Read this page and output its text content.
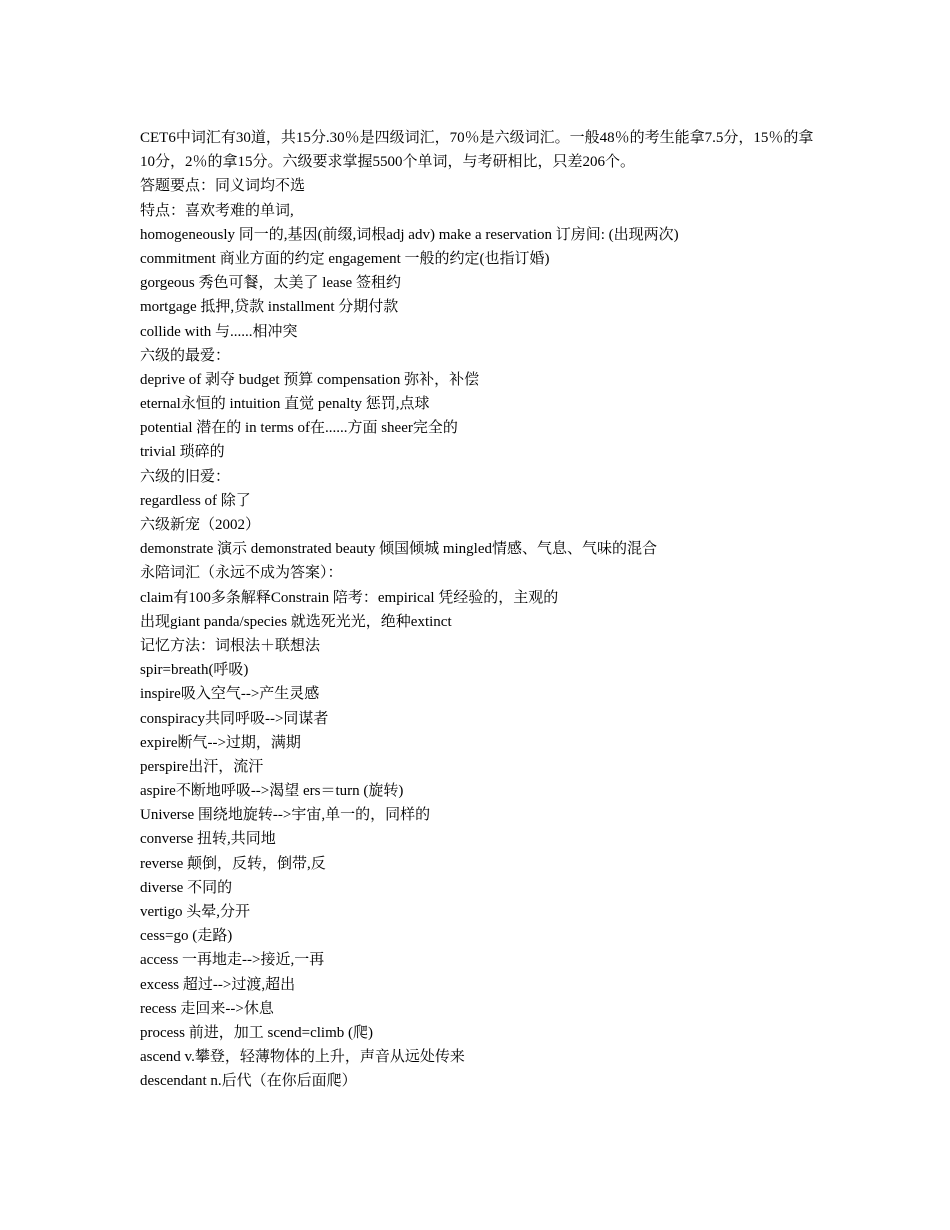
CET6中词汇有30道，共15分.30％是四级词汇，70％是六级词汇。一般48％的考生能拿7.5分，15％的拿10分，2％的拿15分。六级要求掌握5500个单词，与考研相比，只差206个。
答题要点：同义词均不选
特点：喜欢考难的单词,
homogeneously 同一的,基因(前缀,词根adj adv) make a reservation 订房间: (出现两次)
commitment 商业方面的约定 engagement 一般的约定(也指订婚)
gorgeous 秀色可餐，太美了 lease 签租约
mortgage 抵押,贷款 installment 分期付款
collide with 与......相冲突
六级的最爱：
deprive of 剥夺 budget 预算 compensation 弥补，补偿
eternal永恒的 intuition 直觉 penalty 惩罚,点球
potential 潜在的 in terms of在......方面 sheer完全的
trivial 琐碎的
六级的旧爱：
regardless of 除了
六级新宠（2002）
demonstrate 演示 demonstrated beauty 倾国倾城 mingled情感、气息、气味的混合
永陪词汇（永远不成为答案）：
claim有100多条解释Constrain 陪考：empirical 凭经验的，主观的
出现giant panda/species 就选死光光，绝种extinct
记忆方法：词根法＋联想法
spir=breath(呼吸)
inspire吸入空气-->产生灵感
conspiracy共同呼吸-->同谋者
expire断气-->过期，满期
perspire出汗，流汗
aspire不断地呼吸-->渴望 ers＝turn (旋转)
Universe 围绕地旋转-->宇宙,单一的，同样的
converse 扭转,共同地
reverse 颠倒，反转，倒带,反
diverse 不同的
vertigo 头晕,分开
cess=go (走路)
access 一再地走-->接近,一再
excess 超过-->过渡,超出
recess 走回来-->休息
process 前进，加工 scend=climb (爬)
ascend v.攀登，轻薄物体的上升，声音从远处传来
descendant n.后代（在你后面爬）
